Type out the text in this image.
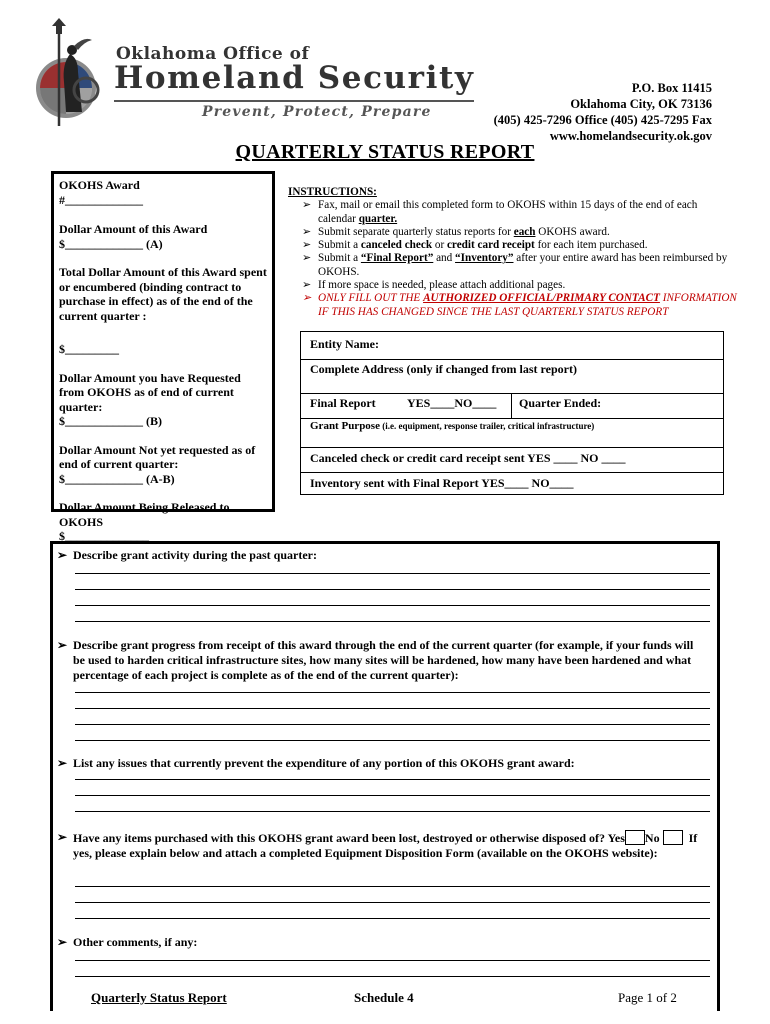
Oklahoma Office of
Homeland Security
Prevent, Protect, Prepare
P.O. Box 11415
Oklahoma City, OK 73136
(405) 425-7296 Office (405) 425-7295 Fax
www.homelandsecurity.ok.gov
QUARTERLY STATUS REPORT

OKOHS Award

#_____________

Dollar Amount of this Award

$_____________ (A)

Total Dollar Amount of this Award spent or encumbered (binding contract to purchase in effect) as of the end of the current quarter :

$_________

Dollar Amount you have Requested from OKOHS as of end of current quarter:

$_____________ (B)

Dollar Amount Not yet requested as of end of current quarter:

$_____________ (A-B)

Dollar Amount Being Released to OKOHS

$______________

INSTRUCTIONS:
➢ Fax, mail or email this completed form to OKOHS within 15 days of the end of each calendar quarter.
➢ Submit separate quarterly status reports for each OKOHS award.
➢ Submit a canceled check or credit card receipt for each item purchased.
➢ Submit a “Final Report” and “Inventory” after your entire award has been reimbursed by OKOHS.
➢ If more space is needed, please attach additional pages.
➢ ONLY FILL OUT THE AUTHORIZED OFFICIAL/PRIMARY CONTACT INFORMATION IF THIS HAS CHANGED SINCE THE LAST QUARTERLY STATUS REPORT
Entity Name:
Complete Address (only if changed from last report)
Final Report	YES____NO____ Quarter Ended:
Grant Purpose (i.e. equipment, response trailer, critical infrastructure)
Canceled check or credit card receipt sent YES ____ NO ____
Inventory sent with Final Report YES____ NO____
➢ Describe grant activity during the past quarter:
➢ Describe grant progress from receipt of this award through the end of the current quarter (for example, if your funds will be used to harden critical infrastructure sites, how many sites will be hardened, how many have been hardened and what percentage of each project is complete as of the end of the current quarter):
➢ List any issues that currently prevent the expenditure of any portion of this OKOHS grant award:
➢ Have any items purchased with this OKOHS grant award been lost, destroyed or otherwise disposed of? Yes No If yes, please explain below and attach a completed Equipment Disposition Form (available on the OKOHS website):
➢ Other comments, if any:
Quarterly Status Report	Schedule 4	Page 1 of 2
